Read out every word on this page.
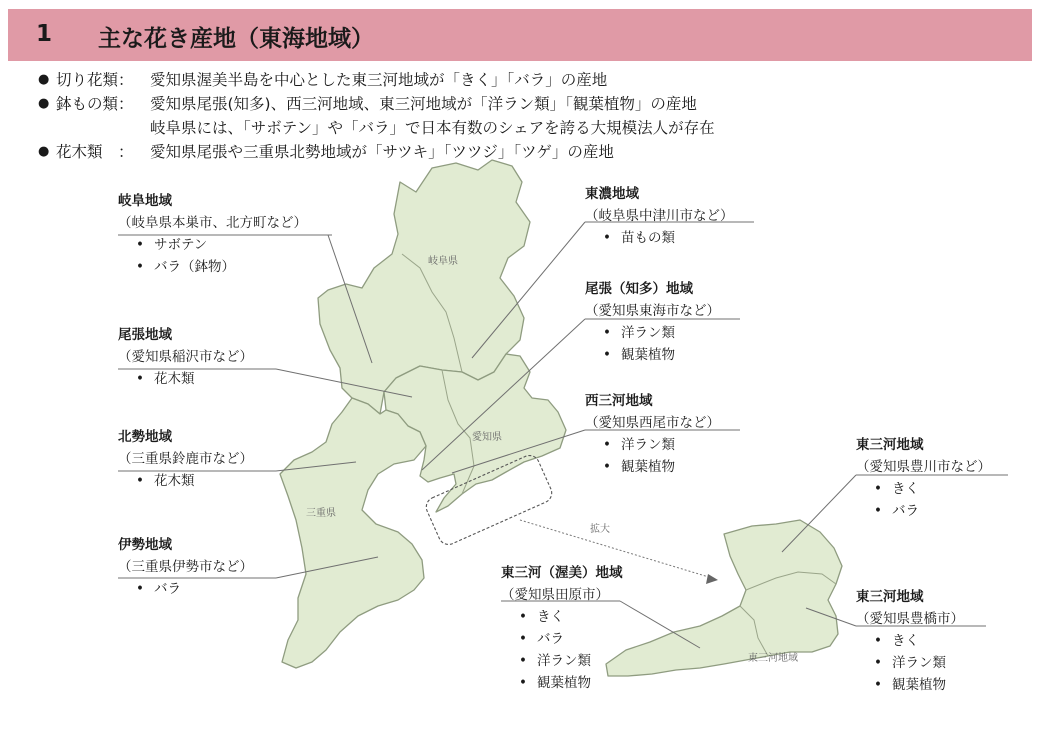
1 主な花き産地（東海地域）
● 切り花類： 愛知県渥美半島を中心とした東三河地域が「きく」「バラ」の産地
● 鉢もの類： 愛知県尾張(知多)、西三河地域、東三河地域が「洋ラン類」「観葉植物」の産地
岐阜県には、「サボテン」や「バラ」で日本有数のシェアを誇る大規模法人が存在
● 花木類　： 愛知県尾張や三重県北勢地域が「サツキ」「ツツジ」「ツゲ」の産地
岐阜県
愛知県
三重県
東三河地域
拡大
岐阜地域
（岐阜県本巣市、北方町など）
• サボテン
• バラ（鉢物）
尾張地域
（愛知県稲沢市など）
• 花木類
北勢地域
（三重県鈴鹿市など）
• 花木類
伊勢地域
（三重県伊勢市など）
• バラ
東濃地域
（岐阜県中津川市など）
• 苗もの類
尾張（知多）地域
（愛知県東海市など）
• 洋ラン類
• 観葉植物
西三河地域
（愛知県西尾市など）
• 洋ラン類
• 観葉植物
東三河地域
（愛知県豊川市など）
• きく
• バラ
東三河（渥美）地域
（愛知県田原市）
• きく
• バラ
• 洋ラン類
• 観葉植物
東三河地域
（愛知県豊橋市）
• きく
• 洋ラン類
• 観葉植物
